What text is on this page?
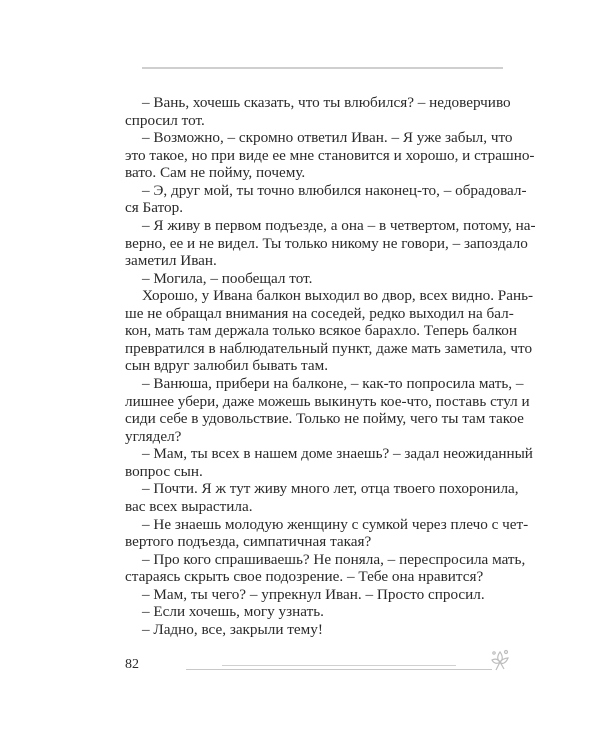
– Вань, хочешь сказать, что ты влюбился? – недоверчиво
спросил тот.
– Возможно, – скромно ответил Иван. – Я уже забыл, что
это такое, но при виде ее мне становится и хорошо, и страшно-
вато. Сам не пойму, почему.
– Э, друг мой, ты точно влюбился наконец-то, – обрадовал-
ся Батор.
– Я живу в первом подъезде, а она – в четвертом, потому, на-
верно, ее и не видел. Ты только никому не говори, – запоздало
заметил Иван.
– Могила, – пообещал тот.
Хорошо, у Ивана балкон выходил во двор, всех видно. Рань-
ше не обращал внимания на соседей, редко выходил на бал-
кон, мать там держала только всякое барахло. Теперь балкон
превратился в наблюдательный пункт, даже мать заметила, что
сын вдруг залюбил бывать там.
– Ванюша, прибери на балконе, – как-то попросила мать, –
лишнее убери, даже можешь выкинуть кое-что, поставь стул и
сиди себе в удовольствие. Только не пойму, чего ты там такое
углядел?
– Мам, ты всех в нашем доме знаешь? – задал неожиданный
вопрос сын.
– Почти. Я ж тут живу много лет, отца твоего похоронила,
вас всех вырастила.
– Не знаешь молодую женщину с сумкой через плечо с чет-
вертого подъезда, симпатичная такая?
– Про кого спрашиваешь? Не поняла, – переспросила мать,
стараясь скрыть свое подозрение. – Тебе она нравится?
– Мам, ты чего? – упрекнул Иван. – Просто спросил.
– Если хочешь, могу узнать.
– Ладно, все, закрыли тему!
82
